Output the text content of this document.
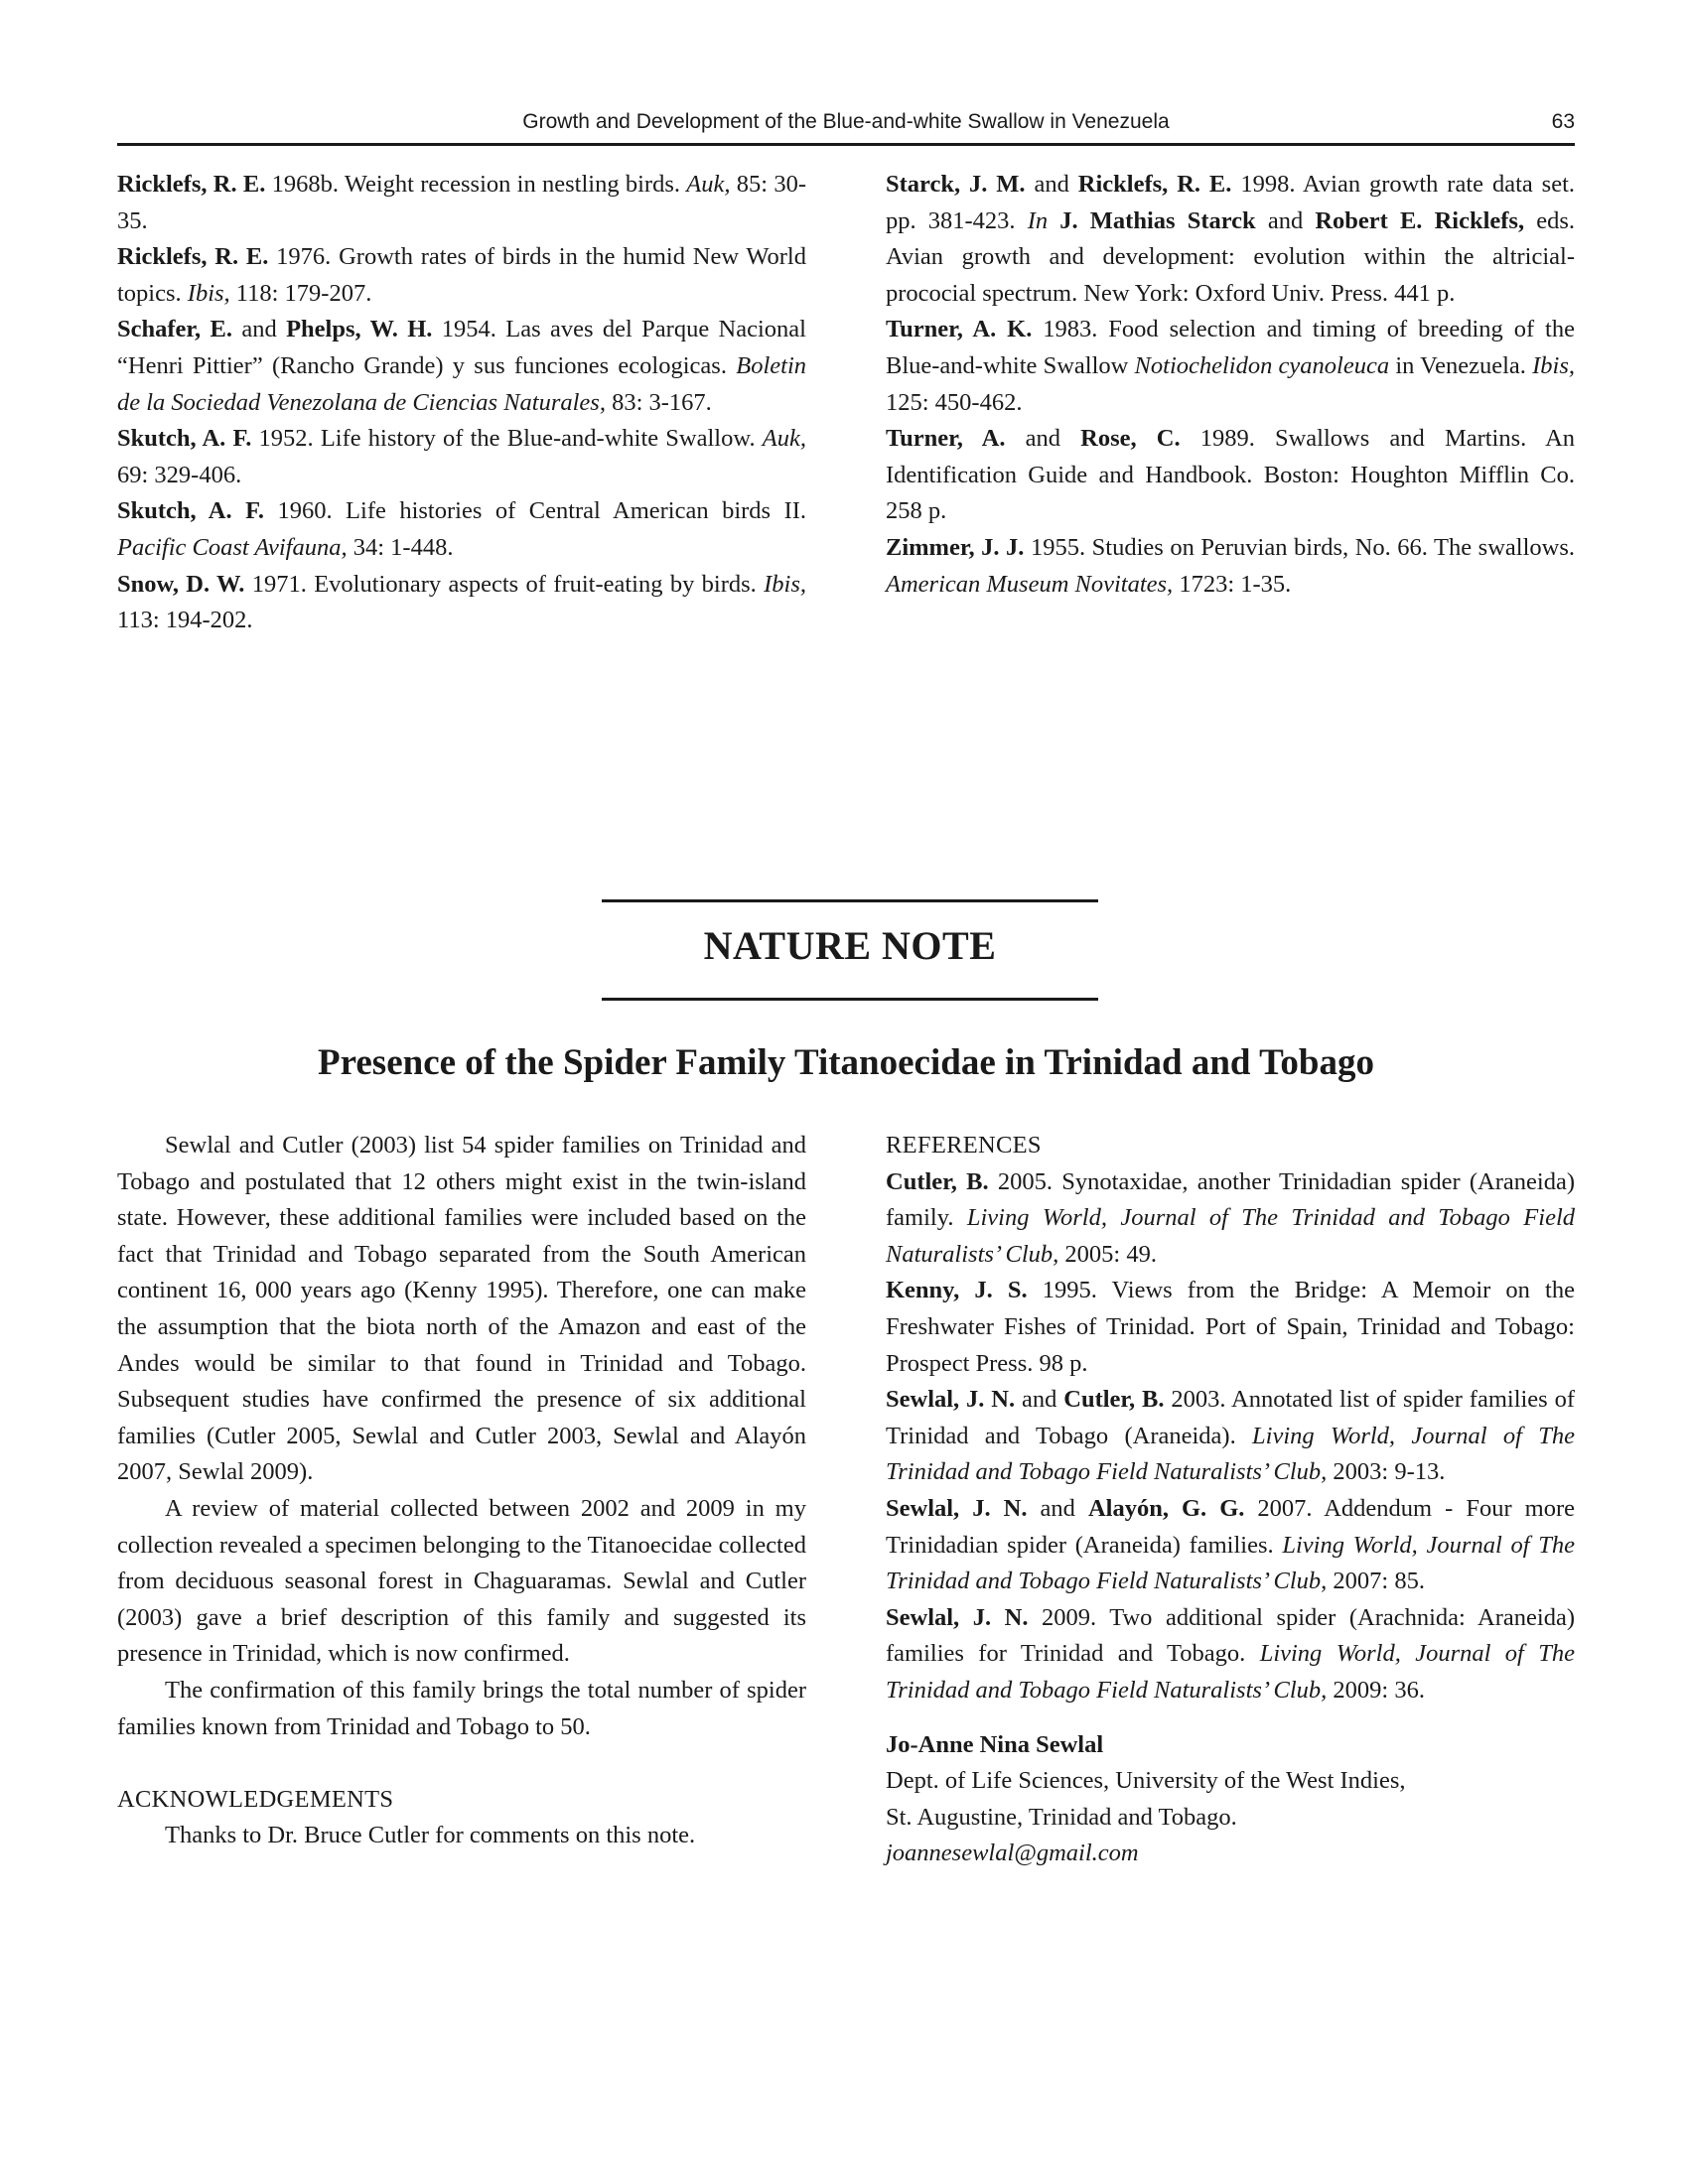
Growth and Development of the Blue-and-white Swallow in Venezuela	63

Ricklefs, R. E. 1968b. Weight recession in nestling birds. Auk, 85: 30-35.

Ricklefs, R. E. 1976. Growth rates of birds in the humid New World topics. Ibis, 118: 179-207.

Schafer, E. and Phelps, W. H. 1954. Las aves del Parque Nacional “Henri Pittier” (Rancho Grande) y sus funciones ecologicas. Boletin de la Sociedad Venezolana de Ciencias Naturales, 83: 3-167.

Skutch, A. F. 1952. Life history of the Blue-and-white Swallow. Auk, 69: 329-406.

Skutch, A. F. 1960. Life histories of Central American birds II. Pacific Coast Avifauna, 34: 1-448.

Snow, D. W. 1971. Evolutionary aspects of fruit-eating by birds. Ibis, 113: 194-202.

Starck, J. M. and Ricklefs, R. E. 1998. Avian growth rate data set. pp. 381-423. In J. Mathias Starck and Robert E. Ricklefs, eds. Avian growth and development: evolution within the altricial-prococial spectrum. New York: Oxford Univ. Press. 441 p.

Turner, A. K. 1983. Food selection and timing of breeding of the Blue-and-white Swallow Notiochelidon cyanoleuca in Venezuela. Ibis, 125: 450-462.

Turner, A. and Rose, C. 1989. Swallows and Martins. An Identification Guide and Handbook. Boston: Houghton Mifflin Co. 258 p.

Zimmer, J. J. 1955. Studies on Peruvian birds, No. 66. The swallows. American Museum Novitates, 1723: 1-35.

NATURE NOTE
Presence of the Spider Family Titanoecidae in Trinidad and Tobago

Sewlal and Cutler (2003) list 54 spider families on Trinidad and Tobago and postulated that 12 others might exist in the twin-island state. However, these additional families were included based on the fact that Trinidad and Tobago separated from the South American continent 16, 000 years ago (Kenny 1995). Therefore, one can make the assumption that the biota north of the Amazon and east of the Andes would be similar to that found in Trinidad and Tobago. Subsequent studies have confirmed the presence of six additional families (Cutler 2005, Sewlal and Cutler 2003, Sewlal and Alayón 2007, Sewlal 2009).

A review of material collected between 2002 and 2009 in my collection revealed a specimen belonging to the Titanoecidae collected from deciduous seasonal forest in Chaguaramas. Sewlal and Cutler (2003) gave a brief description of this family and suggested its presence in Trinidad, which is now confirmed.

The confirmation of this family brings the total number of spider families known from Trinidad and Tobago to 50.

ACKNOWLEDGEMENTS

Thanks to Dr. Bruce Cutler for comments on this note.

REFERENCES

Cutler, B. 2005. Synotaxidae, another Trinidadian spider (Araneida) family. Living World, Journal of The Trinidad and Tobago Field Naturalists’ Club, 2005: 49.

Kenny, J. S. 1995. Views from the Bridge: A Memoir on the Freshwater Fishes of Trinidad. Port of Spain, Trinidad and Tobago: Prospect Press. 98 p.

Sewlal, J. N. and Cutler, B. 2003. Annotated list of spider families of Trinidad and Tobago (Araneida). Living World, Journal of The Trinidad and Tobago Field Naturalists’ Club, 2003: 9-13.

Sewlal, J. N. and Alayón, G. G. 2007. Addendum - Four more Trinidadian spider (Araneida) families. Living World, Journal of The Trinidad and Tobago Field Naturalists’ Club, 2007: 85.

Sewlal, J. N. 2009. Two additional spider (Arachnida: Araneida) families for Trinidad and Tobago. Living World, Journal of The Trinidad and Tobago Field Naturalists’ Club, 2009: 36.

Jo-Anne Nina Sewlal
Dept. of Life Sciences, University of the West Indies,
St. Augustine, Trinidad and Tobago.
joannesewlal@gmail.com
